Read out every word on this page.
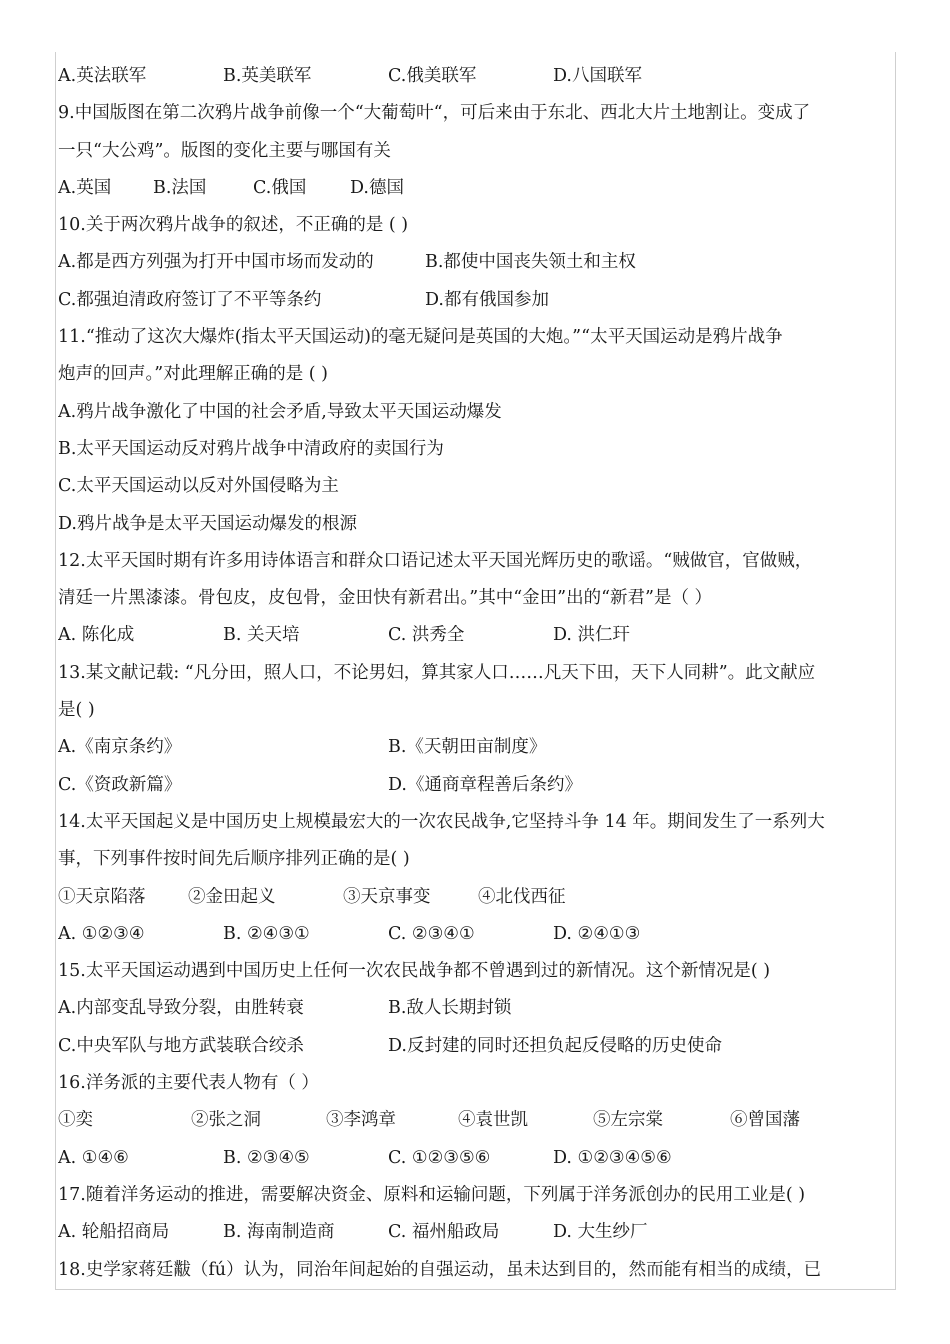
A.英法联军	B.英美联军	C.俄美联军	D.八国联军
9.中国版图在第二次鸦片战争前像一个“大葡萄叶“，可后来由于东北、西北大片土地割让。变成了
一只“大公鸡”。版图的变化主要与哪国有关
A.英国	B.法国	C.俄国	D.德国
10.关于两次鸦片战争的叙述，不正确的是 ( )
A.都是西方列强为打开中国市场而发动的	B.都使中国丧失领土和主权
C.都强迫清政府签订了不平等条约	D.都有俄国参加
11.“推动了这次大爆炸(指太平天国运动)的毫无疑问是英国的大炮。”“太平天国运动是鸦片战争
炮声的回声。”对此理解正确的是 ( )
A.鸦片战争激化了中国的社会矛盾,导致太平天国运动爆发
B.太平天国运动反对鸦片战争中清政府的卖国行为
C.太平天国运动以反对外国侵略为主
D.鸦片战争是太平天国运动爆发的根源
12.太平天国时期有许多用诗体语言和群众口语记述太平天国光辉历史的歌谣。“贼做官，官做贼，
清廷一片黑漆漆。骨包皮，皮包骨，金田快有新君出。”其中“金田”出的“新君”是（ ）
A. 陈化成	B. 关天培	C. 洪秀全	D. 洪仁玕
13.某文献记载: “凡分田，照人口，不论男妇，算其家人口……凡天下田，天下人同耕”。此文献应
是( )
A.《南京条约》	B.《天朝田亩制度》
C.《资政新篇》	D.《通商章程善后条约》
14.太平天国起义是中国历史上规模最宏大的一次农民战争,它坚持斗争 14 年。期间发生了一系列大
事，下列事件按时间先后顺序排列正确的是( )
①天京陷落	②金田起义	③天京事变	④北伐西征
A. ①②③④	B. ②④③①	C. ②③④①	D. ②④①③
15.太平天国运动遇到中国历史上任何一次农民战争都不曾遇到过的新情况。这个新情况是( )
A.内部变乱导致分裂，由胜转衰	B.敌人长期封锁
C.中央军队与地方武装联合绞杀	D.反封建的同时还担负起反侵略的历史使命
16.洋务派的主要代表人物有（ ）
①奕	②张之洞	③李鸿章	④袁世凯	⑤左宗棠	⑥曾国藩
A. ①④⑥	B. ②③④⑤	C. ①②③⑤⑥	D. ①②③④⑤⑥
17.随着洋务运动的推进，需要解决资金、原料和运输问题，下列属于洋务派创办的民用工业是( )
A. 轮船招商局	B. 海南制造商	C. 福州船政局	D. 大生纱厂
18.史学家蒋廷黻（fú）认为，同治年间起始的自强运动，虽未达到目的，然而能有相当的成绩，已
